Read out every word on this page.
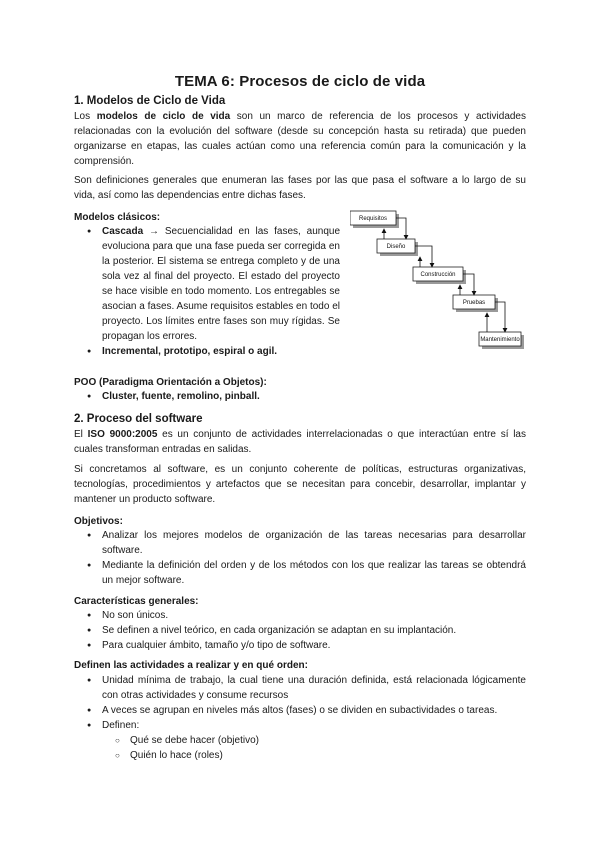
TEMA 6: Procesos de ciclo de vida
1. Modelos de Ciclo de Vida

Los modelos de ciclo de vida son un marco de referencia de los procesos y actividades relacionadas con la evolución del software (desde su concepción hasta su retirada) que pueden organizarse en etapas, las cuales actúan como una referencia común para la comunicación y la comprensión.

Son definiciones generales que enumeran las fases por las que pasa el software a lo largo de su vida, así como las dependencias entre dichas fases.

Modelos clásicos:

● Cascada → Secuencialidad en las fases, aunque evoluciona para que una fase pueda ser corregida en la posterior. El sistema se entrega completo y de una sola vez al final del proyecto. El estado del proyecto se hace visible en todo momento. Los entregables se asocian a fases. Asume requisitos estables en todo el proyecto. Los límites entre fases son muy rígidas. Se propagan los errores.
● Incremental, prototipo, espiral o agil.
Requisitos
Diseño
Construcción
Pruebas
Mantenimiento

POO (Paradigma Orientación a Objetos):

● Cluster, fuente, remolino, pinball.
2. Proceso del software

El ISO 9000:2005 es un conjunto de actividades interrelacionadas o que interactúan entre sí las cuales transforman entradas en salidas.

Si concretamos al software, es un conjunto coherente de políticas, estructuras organizativas, tecnologías, procedimientos y artefactos que se necesitan para concebir, desarrollar, implantar y mantener un producto software.

Objetivos:

● Analizar los mejores modelos de organización de las tareas necesarias para desarrollar software.
● Mediante la definición del orden y de los métodos con los que realizar las tareas se obtendrá un mejor software.

Características generales:

● No son únicos.
● Se definen a nivel teórico, en cada organización se adaptan en su implantación.
● Para cualquier ámbito, tamaño y/o tipo de software.

Definen las actividades a realizar y en qué orden:

● Unidad mínima de trabajo, la cual tiene una duración definida, está relacionada lógicamente con otras actividades y consume recursos
● A veces se agrupan en niveles más altos (fases) o se dividen en subactividades o tareas.
● Definen:
○ Qué se debe hacer (objetivo)
○ Quién lo hace (roles)
